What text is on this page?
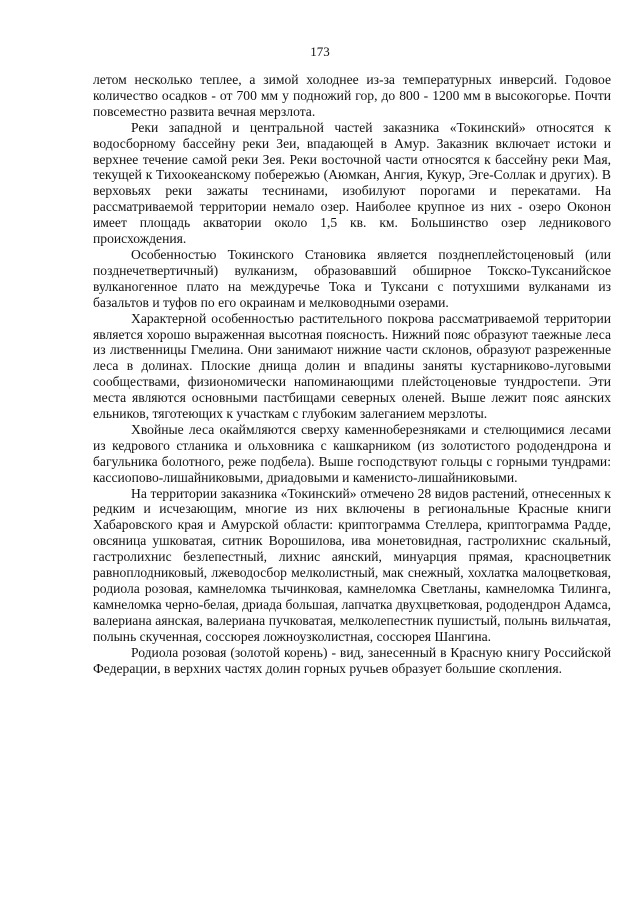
173

летом несколько теплее, а зимой холоднее из-за температурных инверсий. Годовое количество осадков - от 700 мм у подножий гор, до 800 - 1200 мм в высокогорье. Почти повсеместно развита вечная мерзлота.

Реки западной и центральной частей заказника «Токинский» относятся к водосборному бассейну реки Зеи, впадающей в Амур. Заказник включает истоки и верхнее течение самой реки Зея. Реки восточной части относятся к бассейну реки Мая, текущей к Тихоокеанскому побережью (Аюмкан, Ангия, Кукур, Эге-Соллак и других). В верховьях реки зажаты теснинами, изобилуют порогами и перекатами. На рассматриваемой территории немало озер. Наиболее крупное из них - озеро Оконон имеет площадь акватории около 1,5 кв. км. Большинство озер ледникового происхождения.

Особенностью Токинского Становика является позднеплейстоценовый (или позднечетвертичный) вулканизм, образовавший обширное Токско-Туксанийское вулканогенное плато на междуречье Тока и Туксани с потухшими вулканами из базальтов и туфов по его окраинам и мелководными озерами.

Характерной особенностью растительного покрова рассматриваемой территории является хорошо выраженная высотная поясность. Нижний пояс образуют таежные леса из лиственницы Гмелина. Они занимают нижние части склонов, образуют разреженные леса в долинах. Плоские днища долин и впадины заняты кустарниково-луговыми сообществами, физиономически напоминающими плейстоценовые тундростепи. Эти места являются основными пастбищами северных оленей. Выше лежит пояс аянских ельников, тяготеющих к участкам с глубоким залеганием мерзлоты.

Хвойные леса окаймляются сверху каменноберезняками и стелющимися лесами из кедрового стланика и ольховника с кашкарником (из золотистого рододендрона и багульника болотного, реже подбела). Выше господствуют гольцы с горными тундрами: кассиопово-лишайниковыми, дриадовыми и каменисто-лишайниковыми.

На территории заказника «Токинский» отмечено 28 видов растений, отнесенных к редким и исчезающим, многие из них включены в региональные Красные книги Хабаровского края и Амурской области: криптограмма Стеллера, криптограмма Радде, овсяница ушковатая, ситник Ворошилова, ива монетовидная, гастролихнис скальный, гастролихнис безлепестный, лихнис аянский, минуарция прямая, красноцветник равноплодниковый, лжеводосбор мелколистный, мак снежный, хохлатка малоцветковая, родиола розовая, камнеломка тычинковая, камнеломка Светланы, камнеломка Тилинга, камнеломка черно-белая, дриада большая, лапчатка двухцветковая, рододендрон Адамса, валериана аянская, валериана пучковатая, мелколепестник пушистый, полынь вильчатая, полынь скученная, соссюрея ложноузколистная, соссюрея Шангина.

Родиола розовая (золотой корень) - вид, занесенный в Красную книгу Российской Федерации, в верхних частях долин горных ручьев образует большие скопления.
